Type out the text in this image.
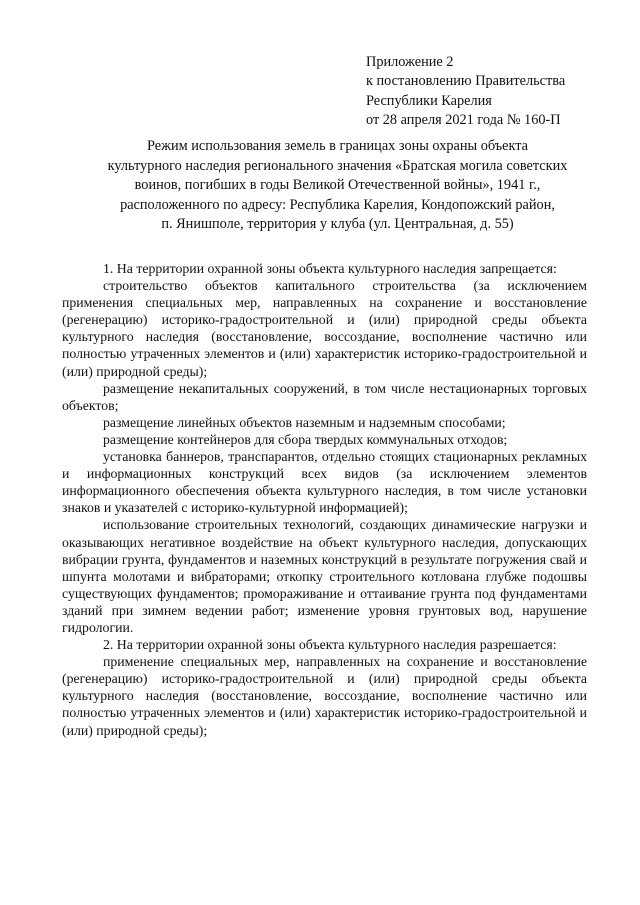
Приложение 2
к постановлению Правительства
Республики Карелия
от 28 апреля 2021 года № 160-П
Режим использования земель в границах зоны охраны объекта
культурного наследия регионального значения «Братская могила советских
воинов, погибших в годы Великой Отечественной войны», 1941 г.,
расположенного по адресу: Республика Карелия, Кондопожский район,
п. Янишполе, территория у клуба (ул. Центральная, д. 55)

1. На территории охранной зоны объекта культурного наследия запрещается:

строительство объектов капитального строительства (за исключением применения специальных мер, направленных на сохранение и восстановление (регенерацию) историко-градостроительной и (или) природной среды объекта культурного наследия (восстановление, воссоздание, восполнение частично или полностью утраченных элементов и (или) характеристик историко-градостроительной и (или) природной среды);

размещение некапитальных сооружений, в том числе нестационарных торговых объектов;

размещение линейных объектов наземным и надземным способами;

размещение контейнеров для сбора твердых коммунальных отходов;

установка баннеров, транспарантов, отдельно стоящих стационарных рекламных и информационных конструкций всех видов (за исключением элементов информационного обеспечения объекта культурного наследия, в том числе установки знаков и указателей с историко-культурной информацией);

использование строительных технологий, создающих динамические нагрузки и оказывающих негативное воздействие на объект культурного наследия, допускающих вибрации грунта, фундаментов и наземных конструкций в результате погружения свай и шпунта молотами и вибраторами; откопку строительного котлована глубже подошвы существующих фундаментов; промораживание и оттаивание грунта под фундаментами зданий при зимнем ведении работ; изменение уровня грунтовых вод, нарушение гидрологии.

2. На территории охранной зоны объекта культурного наследия разрешается:

применение специальных мер, направленных на сохранение и восстановление (регенерацию) историко-градостроительной и (или) природной среды объекта культурного наследия (восстановление, воссоздание, восполнение частично или полностью утраченных элементов и (или) характеристик историко-градостроительной и (или) природной среды);
